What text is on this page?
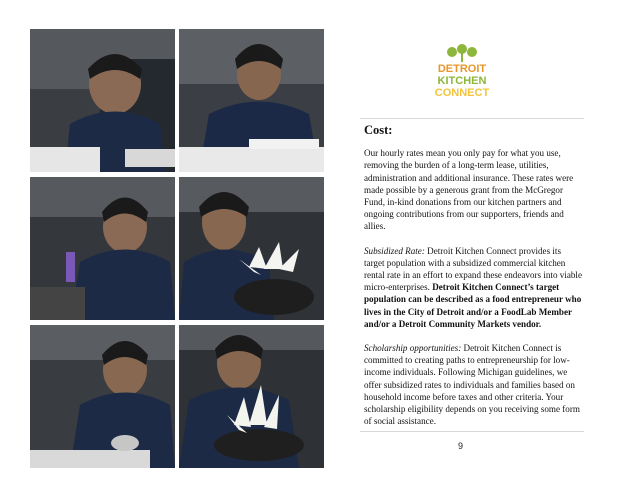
DETROIT
KITCHEN
CONNECT
Cost:

Our hourly rates mean you only pay for what you use, removing the burden of a long-term lease, utilities, administration and additional insurance. These rates were made possible by a generous grant from the McGregor Fund, in-kind donations from our kitchen partners and ongoing contributions from our supporters, friends and allies.

Subsidized Rate: Detroit Kitchen Connect provides its target population with a subsidized commercial kitchen rental rate in an effort to expand these endeavors into viable micro-enterprises. Detroit Kitchen Connect’s target population can be described as a food entrepreneur who lives in the City of Detroit and/or a FoodLab Member and/or a Detroit Community Markets vendor.

Scholarship opportunities: Detroit Kitchen Connect is committed to creating paths to entrepreneurship for low-income individuals. Following Michigan guidelines, we offer subsidized rates to individuals and families based on household income before taxes and other criteria. Your scholarship eligibility depends on you receiving some form of social assistance.

9
